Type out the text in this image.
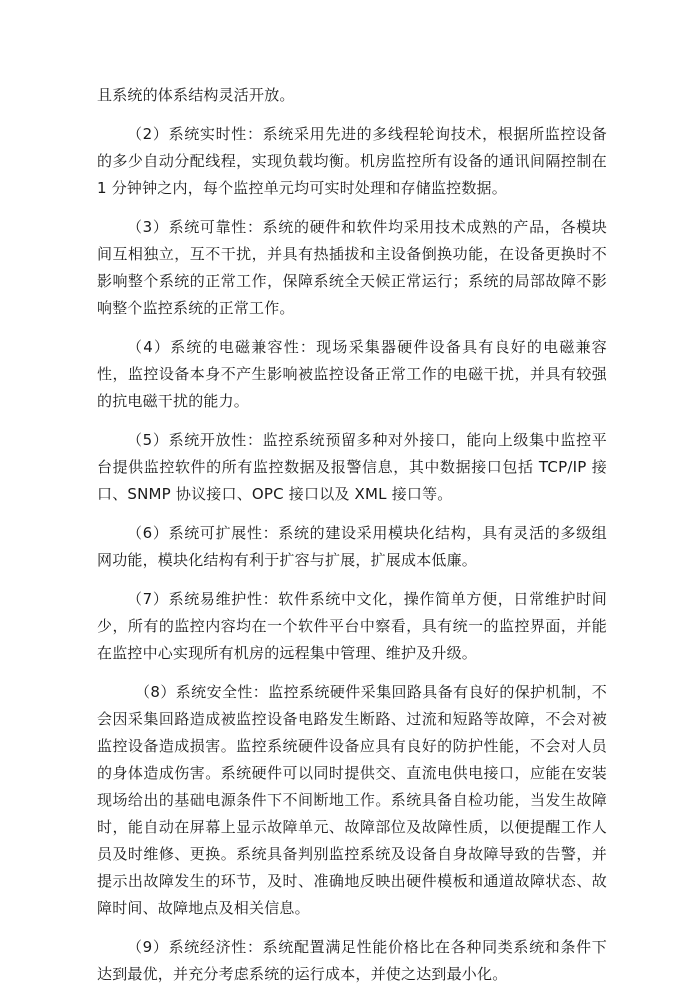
且系统的体系结构灵活开放。

（2）系统实时性：系统采用先进的多线程轮询技术，根据所监控设备的多少自动分配线程，实现负载均衡。机房监控所有设备的通讯间隔控制在 1 分钟钟之内，每个监控单元均可实时处理和存储监控数据。

（3）系统可靠性：系统的硬件和软件均采用技术成熟的产品，各模块间互相独立，互不干扰，并具有热插拔和主设备倒换功能，在设备更换时不影响整个系统的正常工作，保障系统全天候正常运行；系统的局部故障不影响整个监控系统的正常工作。

（4）系统的电磁兼容性：现场采集器硬件设备具有良好的电磁兼容性，监控设备本身不产生影响被监控设备正常工作的电磁干扰，并具有较强的抗电磁干扰的能力。

（5）系统开放性：监控系统预留多种对外接口，能向上级集中监控平台提供监控软件的所有监控数据及报警信息，其中数据接口包括 TCP/IP 接口、SNMP 协议接口、OPC 接口以及 XML 接口等。

（6）系统可扩展性：系统的建设采用模块化结构，具有灵活的多级组网功能，模块化结构有利于扩容与扩展，扩展成本低廉。

（7）系统易维护性：软件系统中文化，操作简单方便，日常维护时间少，所有的监控内容均在一个软件平台中察看，具有统一的监控界面，并能在监控中心实现所有机房的远程集中管理、维护及升级。

（8）系统安全性：监控系统硬件采集回路具备有良好的保护机制，不会因采集回路造成被监控设备电路发生断路、过流和短路等故障，不会对被监控设备造成损害。监控系统硬件设备应具有良好的防护性能，不会对人员的身体造成伤害。系统硬件可以同时提供交、直流电供电接口，应能在安装现场给出的基础电源条件下不间断地工作。系统具备自检功能，当发生故障时，能自动在屏幕上显示故障单元、故障部位及故障性质，以便提醒工作人员及时维修、更换。系统具备判别监控系统及设备自身故障导致的告警，并提示出故障发生的环节，及时、准确地反映出硬件模板和通道故障状态、故障时间、故障地点及相关信息。

（9）系统经济性：系统配置满足性能价格比在各种同类系统和条件下达到最优，并充分考虑系统的运行成本，并使之达到最小化。
